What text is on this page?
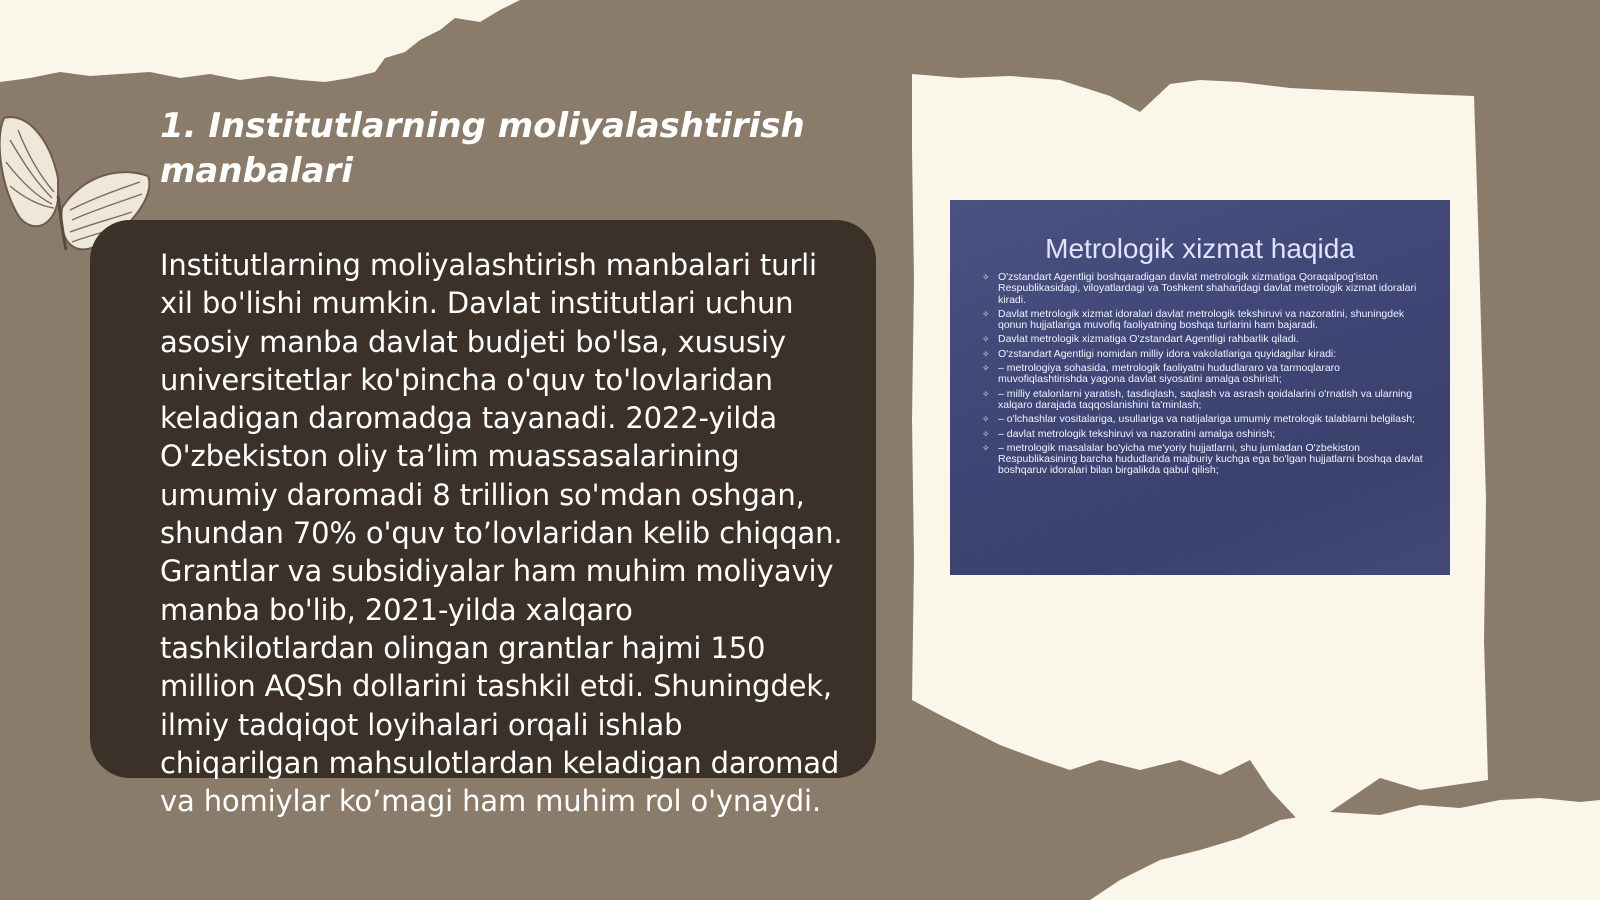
1. Institutlarning moliyalashtirish manbalari

Institutlarning moliyalashtirish manbalari turli xil bo'lishi mumkin. Davlat institutlari uchun asosiy manba davlat budjeti bo'lsa, xususiy universitetlar ko'pincha o'quv to'lovlaridan keladigan daromadga tayanadi. 2022-yilda O'zbekiston oliy ta’lim muassasalarining umumiy daromadi 8 trillion so'mdan oshgan, shundan 70% o'quv to’lovlaridan kelib chiqqan. Grantlar va subsidiyalar ham muhim moliyaviy manba bo'lib, 2021-yilda xalqaro tashkilotlardan olingan grantlar hajmi 150 million AQSh dollarini tashkil etdi. Shuningdek, ilmiy tadqiqot loyihalari orqali ishlab chiqarilgan mahsulotlardan keladigan daromad va homiylar ko’magi ham muhim rol o'ynaydi.

Metrologik xizmat haqida
✧ O'zstandart Agentligi boshqaradigan davlat metrologik xizmatiga Qoraqalpog'iston Respublikasidagi, viloyatlardagi va Toshkent shaharidagi davlat metrologik xizmat idoralari kiradi.
✧ Davlat metrologik xizmat idoralari davlat metrologik tekshiruvi va nazoratini, shuningdek qonun hujjatlariga muvofiq faoliyatning boshqa turlarini ham bajaradi.
✧ Davlat metrologik xizmatiga O'zstandart Agentligi rahbarlik qiladi.
✧ O'zstandart Agentligi nomidan milliy idora vakolatlariga quyidagilar kiradi:
✧ – metrologiya sohasida, metrologik faoliyatni hududlararo va tarmoqlararo muvofiqlashtirishda yagona davlat siyosatini amalga oshirish;
✧ – milliy etalonlarni yaratish, tasdiqlash, saqlash va asrash qoidalarini o'rnatish va ularning xalqaro darajada taqqoslanishini ta'minlash;
✧ – o'lchashlar vositalariga, usullariga va natijalariga umumiy metrologik talablarni belgilash;
✧ – davlat metrologik tekshiruvi va nazoratini amalga oshirish;
✧ – metrologik masalalar bo'yicha me'yoriy hujjatlarni, shu jumladan O'zbekiston Respublikasining barcha hududlarida majburiy kuchga ega bo'lgan hujjatlarni boshqa davlat boshqaruv idoralari bilan birgalikda qabul qilish;
